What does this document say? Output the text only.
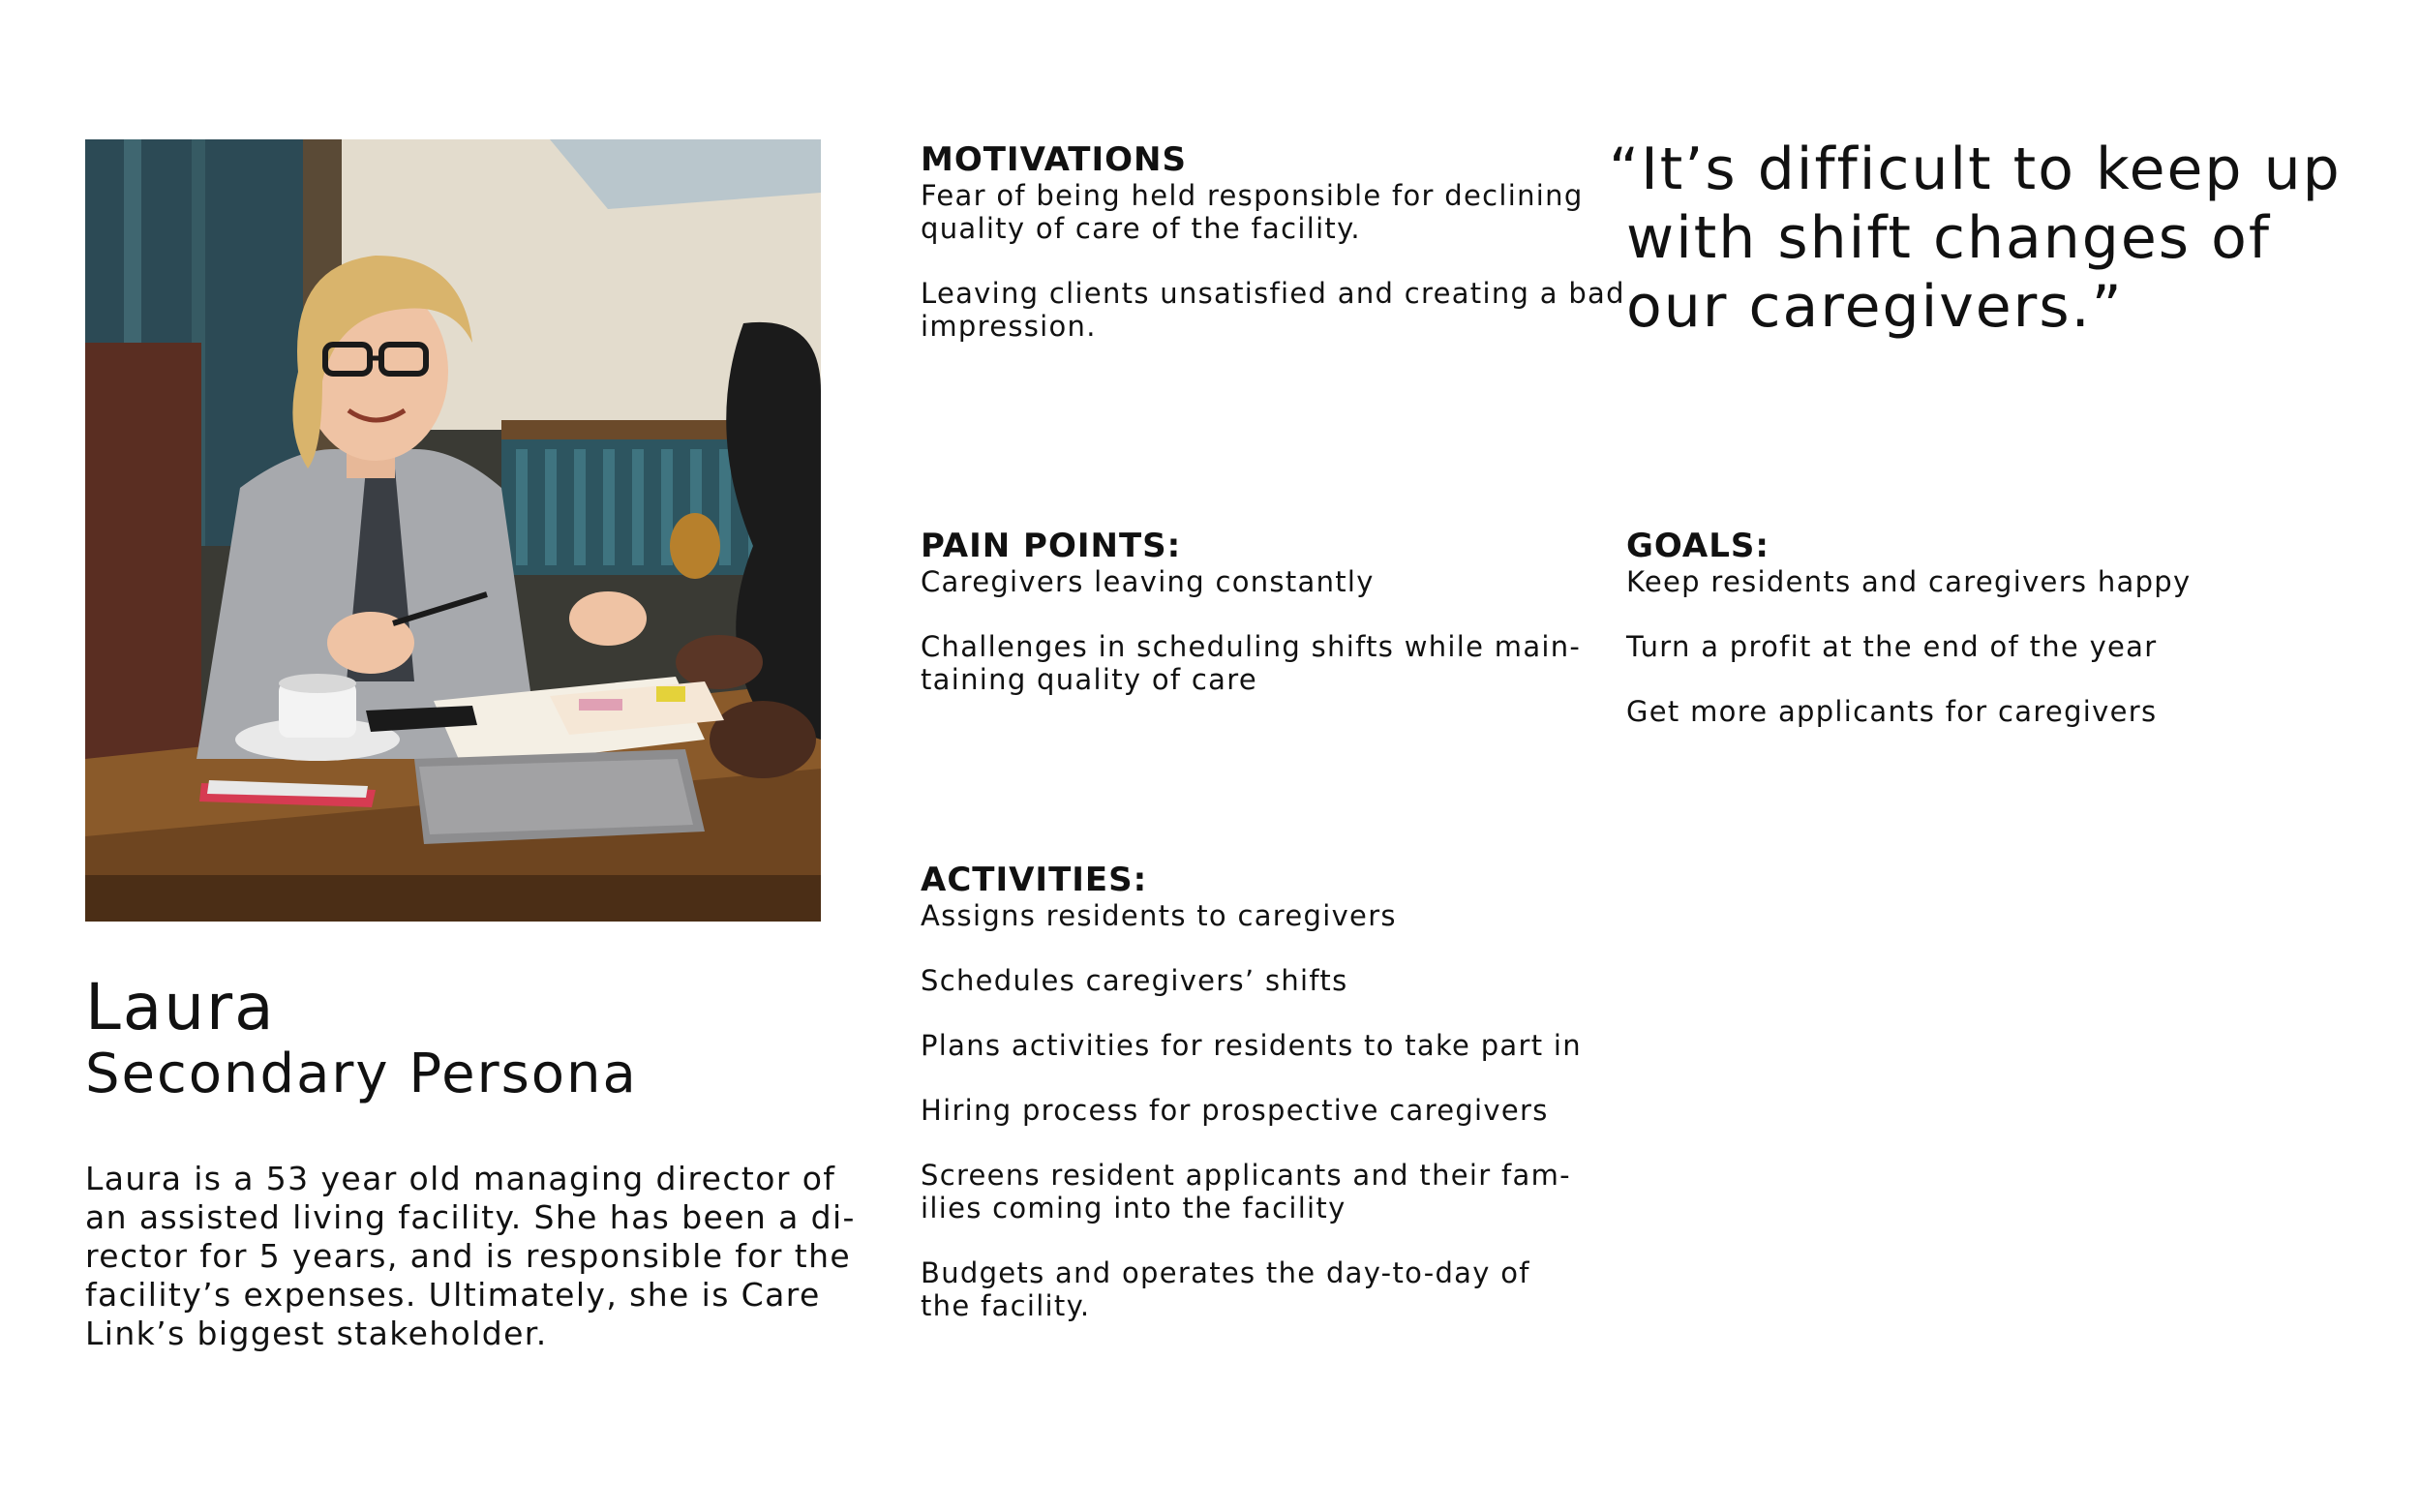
Laura
Secondary Persona

Laura is a 53 year old managing director of
an assisted living facility. She has been a di-
rector for 5 years, and is responsible for the
facility’s expenses. Ultimately, she is Care
Link’s biggest stakeholder.

MOTIVATIONS
Fear of being held responsible for declining
quality of care of the facility.
Leaving clients unsatisfied and creating a bad
impression.
“It’s difficult to keep up
with shift changes of
our caregivers.”
PAIN POINTS:
Caregivers leaving constantly
Challenges in scheduling shifts while main-
taining quality of care
GOALS:
Keep residents and caregivers happy
Turn a profit at the end of the year
Get more applicants for caregivers
ACTIVITIES:
Assigns residents to caregivers
Schedules caregivers’ shifts
Plans activities for residents to take part in
Hiring process for prospective caregivers
Screens resident applicants and their fam-
ilies coming into the facility
Budgets and operates the day-to-day of
the facility.
